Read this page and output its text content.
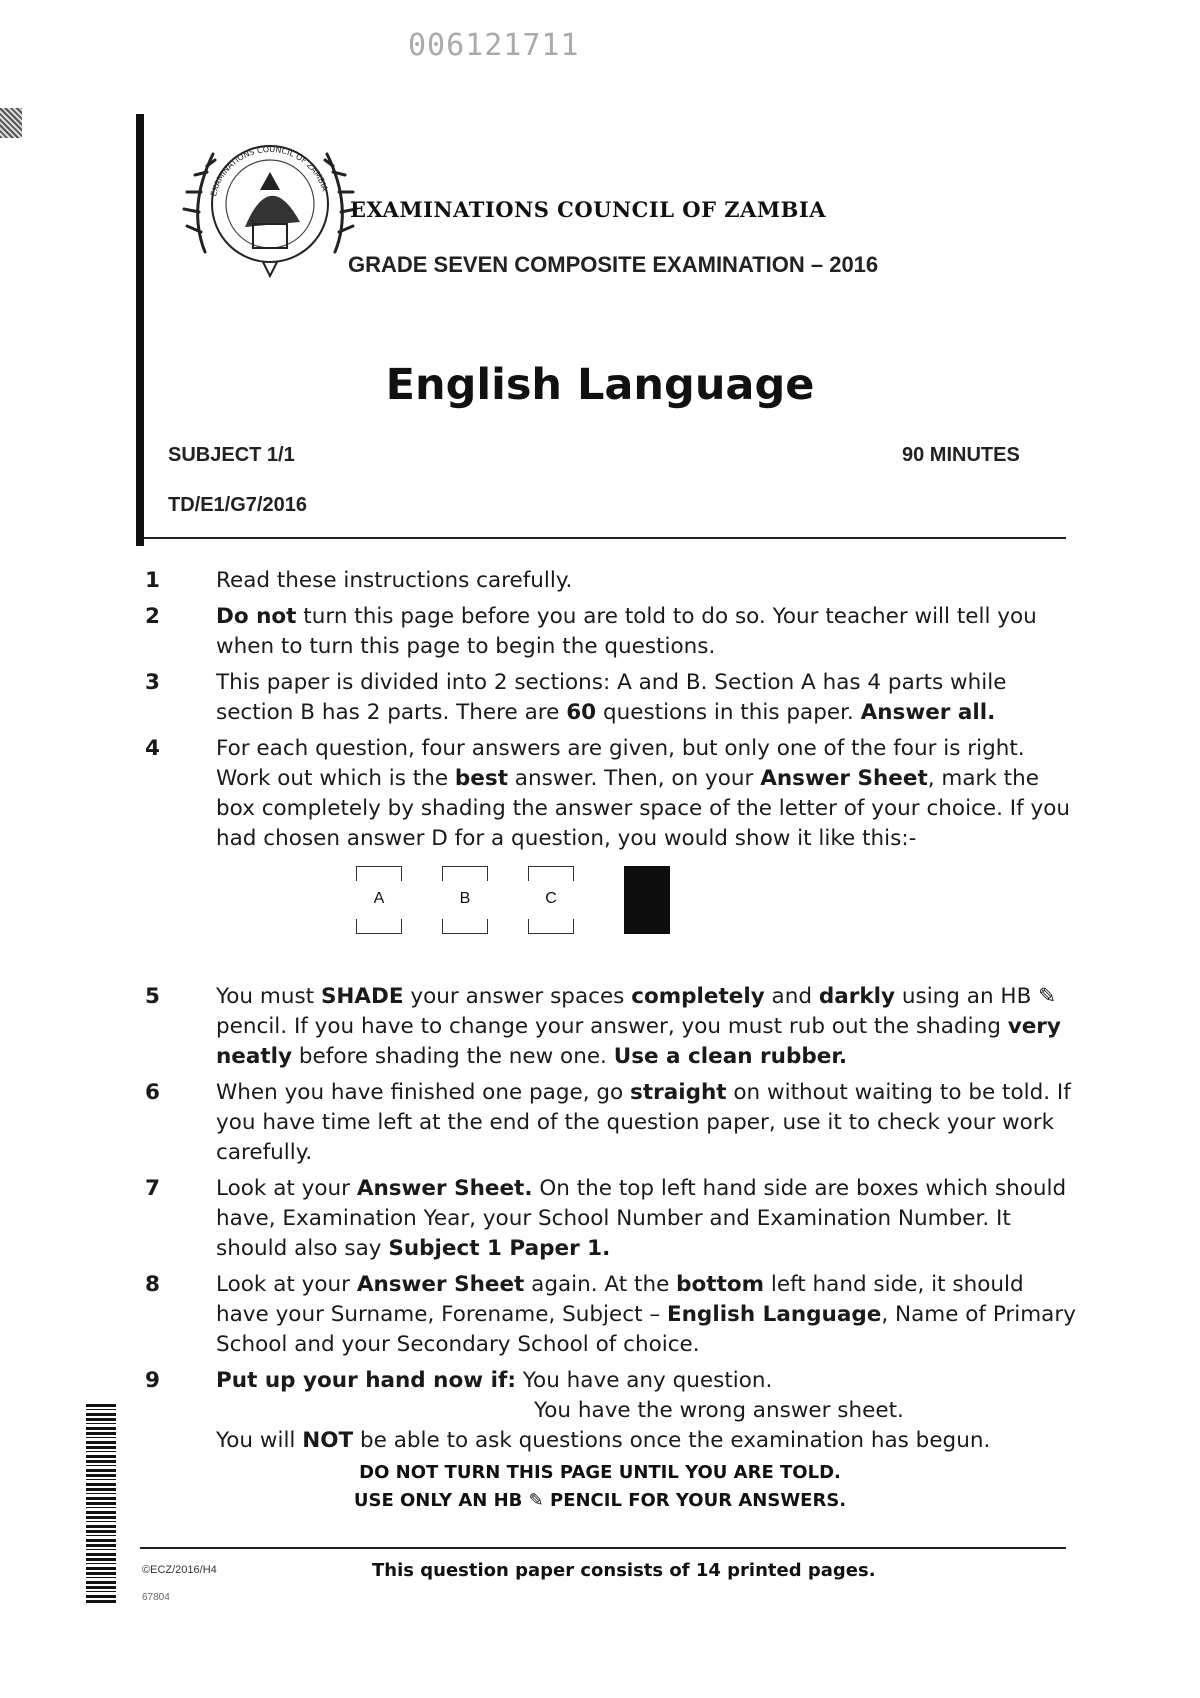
006121711
EXAMINATIONS COUNCIL OF ZAMBIA
EXAMINATIONS COUNCIL OF ZAMBIA
GRADE SEVEN COMPOSITE EXAMINATION – 2016
English Language
SUBJECT 1/1	90 MINUTES
TD/E1/G7/2016
1	Read these instructions carefully.
2	Do not turn this page before you are told to do so. Your teacher will tell you when to turn this page to begin the questions.
3	This paper is divided into 2 sections: A and B. Section A has 4 parts while section B has 2 parts. There are 60 questions in this paper. Answer all.
4	For each question, four answers are given, but only one of the four is right. Work out which is the best answer. Then, on your Answer Sheet, mark the box completely by shading the answer space of the letter of your choice. If you had chosen answer D for a question, you would show it like this:-
5	You must SHADE your answer spaces completely and darkly using an HB ✎ pencil. If you have to change your answer, you must rub out the shading very neatly before shading the new one. Use a clean rubber.
6	When you have finished one page, go straight on without waiting to be told. If you have time left at the end of the question paper, use it to check your work carefully.
7	Look at your Answer Sheet. On the top left hand side are boxes which should have, Examination Year, your School Number and Examination Number. It should also say Subject 1 Paper 1.
8	Look at your Answer Sheet again. At the bottom left hand side, it should have your Surname, Forename, Subject – English Language, Name of Primary School and your Secondary School of choice.
9	Put up your hand now if: You have any question.
You have the wrong answer sheet.
You will NOT be able to ask questions once the examination has begun.
A	B	C
DO NOT TURN THIS PAGE UNTIL YOU ARE TOLD.
USE ONLY AN HB ✎ PENCIL FOR YOUR ANSWERS.
©ECZ/2016/H4
67804
This question paper consists of 14 printed pages.
